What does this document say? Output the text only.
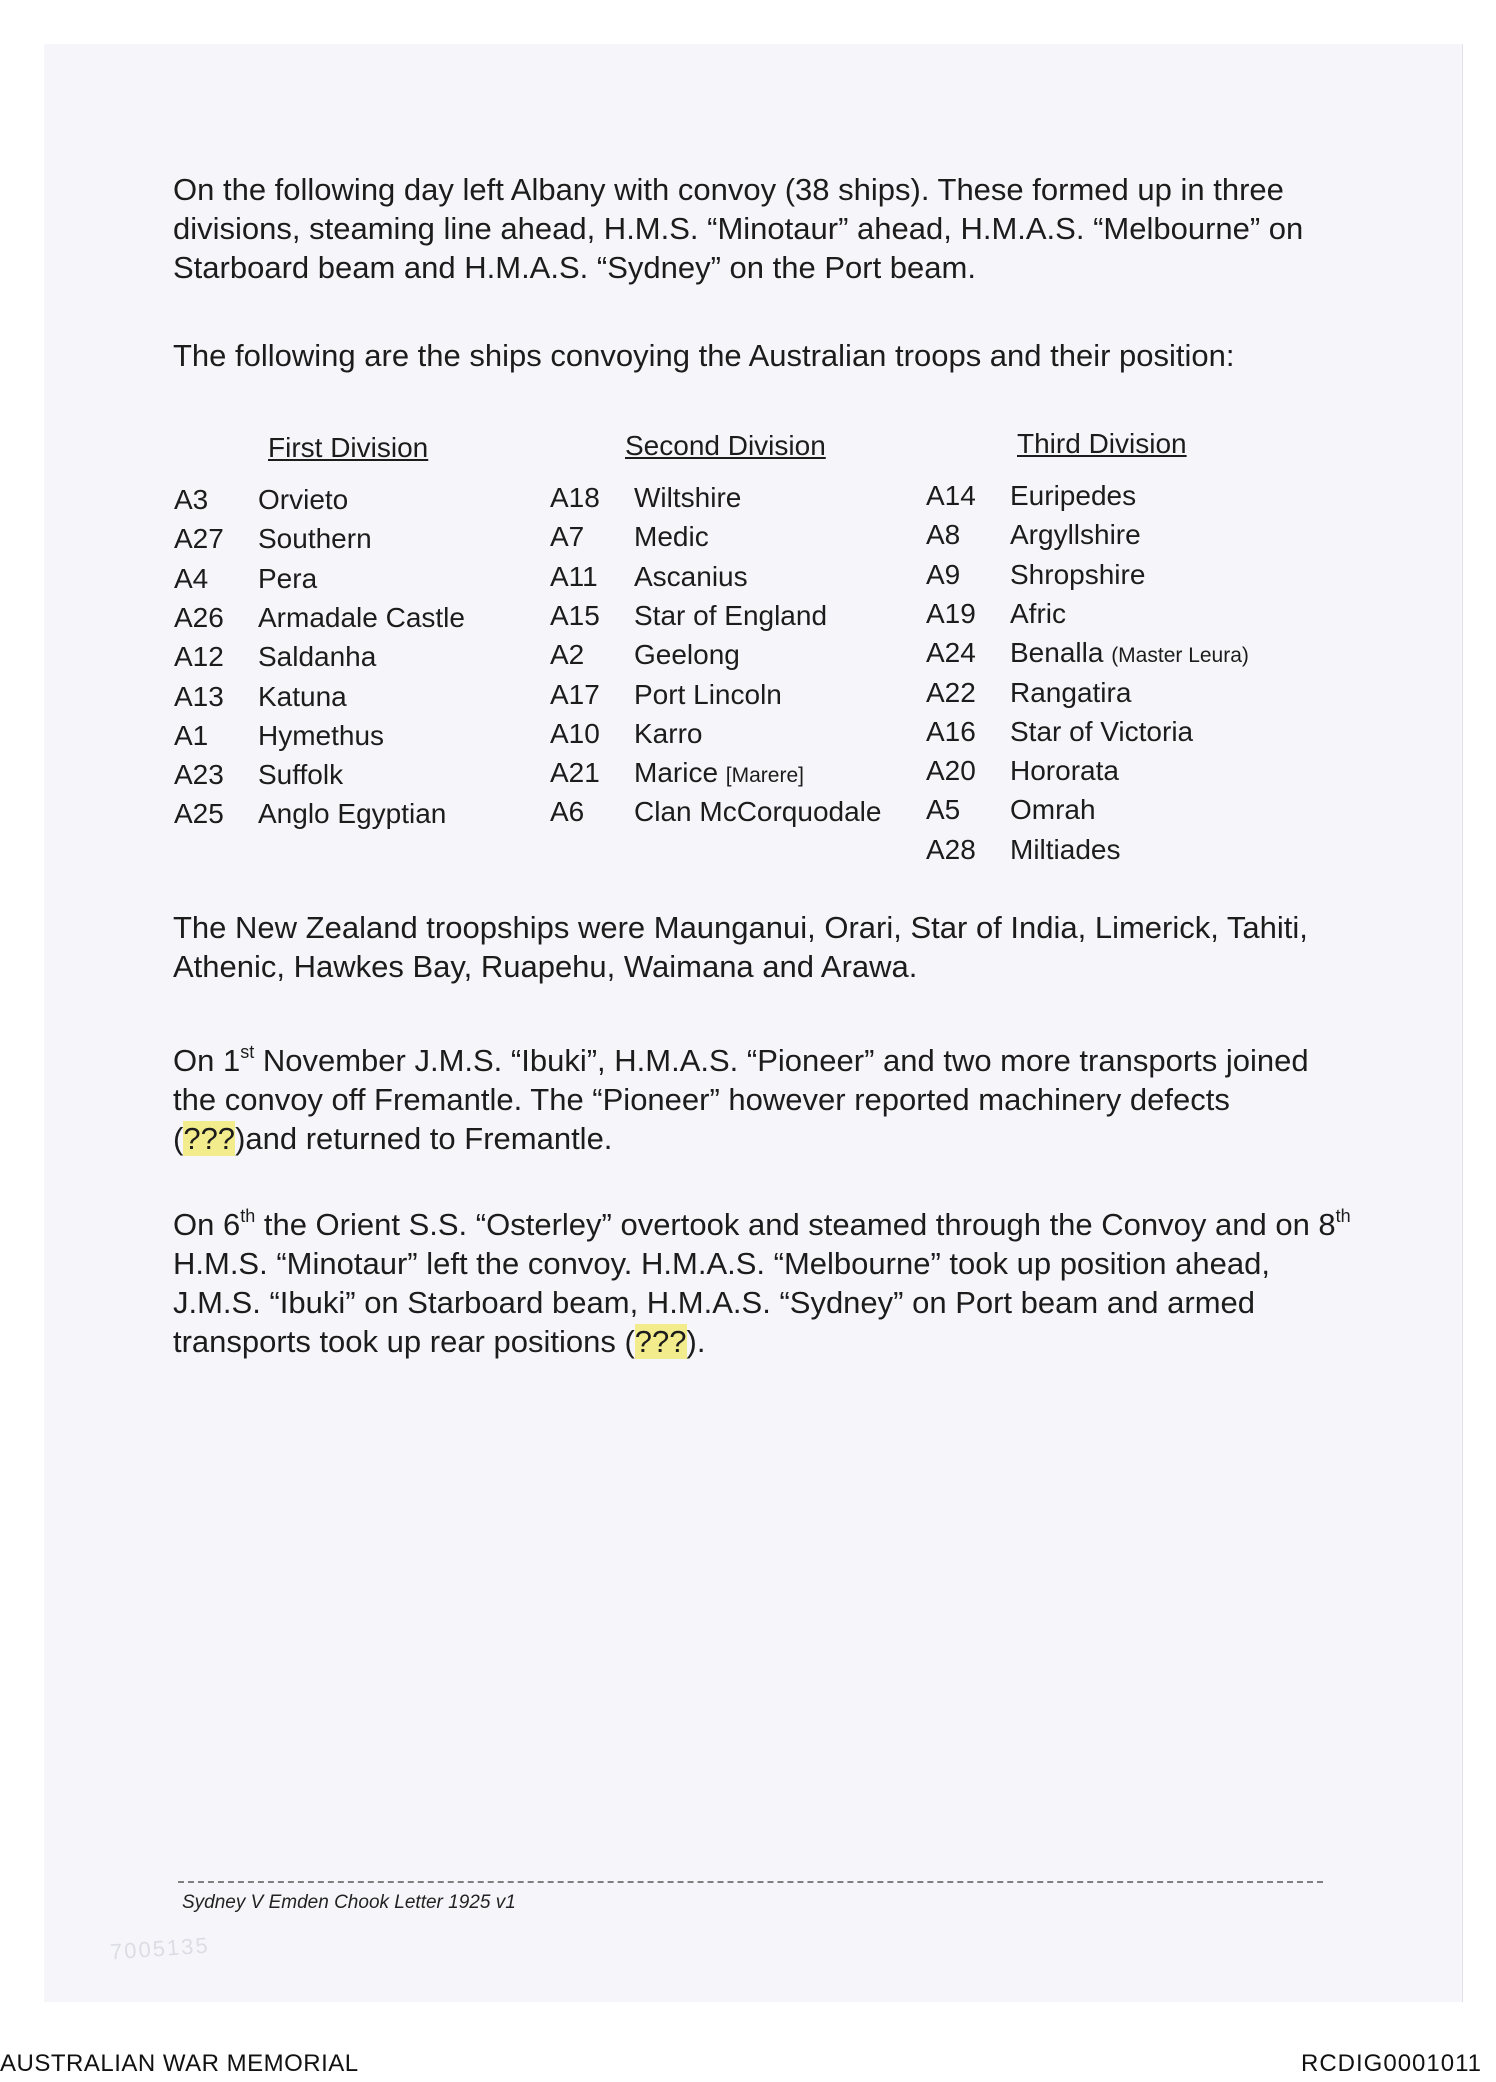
On the following day left Albany with convoy (38 ships). These formed up in three divisions, steaming line ahead, H.M.S. “Minotaur” ahead, H.M.A.S. “Melbourne” on Starboard beam and H.M.A.S. “Sydney” on the Port beam.

The following are the ships convoying the Australian troops and their position:

First Division
A3 Orvieto
A27 Southern
A4 Pera
A26 Armadale Castle
A12 Saldanha
A13 Katuna
A1 Hymethus
A23 Suffolk
A25 Anglo Egyptian
Second Division
A18 Wiltshire
A7 Medic
A11 Ascanius
A15 Star of England
A2 Geelong
A17 Port Lincoln
A10 Karro
A21 Marice [Marere]
A6 Clan McCorquodale
Third Division
A14 Euripedes
A8 Argyllshire
A9 Shropshire
A19 Afric
A24 Benalla (Master Leura)
A22 Rangatira
A16 Star of Victoria
A20 Hororata
A5 Omrah
A28 Miltiades

The New Zealand troopships were Maunganui, Orari, Star of India, Limerick, Tahiti, Athenic, Hawkes Bay, Ruapehu, Waimana and Arawa.

On 1st November J.M.S. “Ibuki”, H.M.A.S. “Pioneer” and two more transports joined the convoy off Fremantle. The “Pioneer” however reported machinery defects (???)and returned to Fremantle.

On 6th the Orient S.S. “Osterley” overtook and steamed through the Convoy and on 8th H.M.S. “Minotaur” left the convoy. H.M.A.S. “Melbourne” took up position ahead, J.M.S. “Ibuki” on Starboard beam, H.M.A.S. “Sydney” on Port beam and armed transports took up rear positions (???).

Sydney V Emden Chook Letter 1925 v1
7005135
AUSTRALIAN WAR MEMORIAL	RCDIG0001011
